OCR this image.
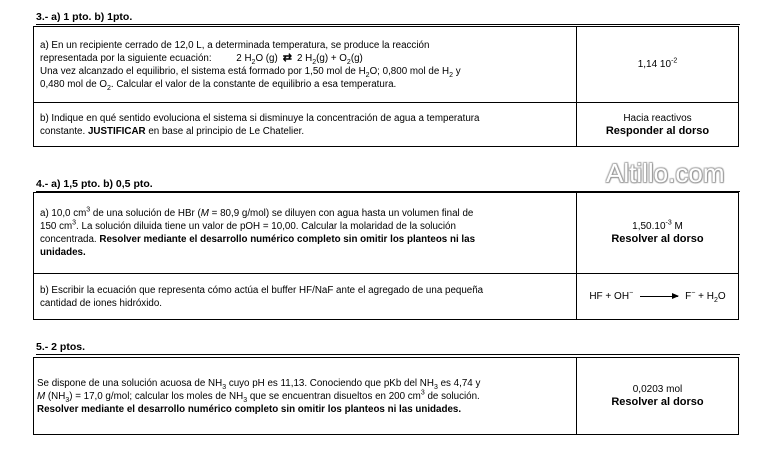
3.- a) 1 pto. b) 1pto.
a) En un recipiente cerrado de 12,0 L, a determinada temperatura, se produce la reacción
representada por la siguiente ecuación:	2 $H_2O$ (g) ⇄ 2 $H_2(g) + O_2(g)$
Una vez alcanzado el equilibrio, el sistema está formado por 1,50 mol de $H_2O$; 0,800 mol de $H_2$ y
0,480 mol de $O_2$. Calcular el valor de la constante de equilibrio a esa temperatura.
1,14 $10^{-2}$
b) Indique en qué sentido evoluciona el sistema si disminuye la concentración de agua a temperatura
constante. JUSTIFICAR en base al principio de Le Chatelier.
Hacia reactivos
Responder al dorso
Altillo.com
4.- a) 1,5 pto. b) 0,5 pto.
a) 10,0 $cm^3$ de una solución de HBr (M = 80,9 g/mol) se diluyen con agua hasta un volumen final de
150 $cm^3$. La solución diluida tiene un valor de pOH = 10,00. Calcular la molaridad de la solución
concentrada. Resolver mediante el desarrollo numérico completo sin omitir los planteos ni las
unidades.
$1,50.10^{-3}$ M
Resolver al dorso
b) Escribir la ecuación que representa cómo actúa el buffer HF/NaF ante el agregado de una pequeña
cantidad de iones hidróxido.
HF + $OH^- \to F^- + H_2O$
5.- 2 ptos.
Se dispone de una solución acuosa de $NH_3$ cuyo pH es 11,13. Conociendo que pKb del $NH_3$ es 4,74 y
M $(NH_3) = 17,0$ g/mol; calcular los moles de $NH_3$ que se encuentran disueltos en 200 $cm^3$ de solución.
Resolver mediante el desarrollo numérico completo sin omitir los planteos ni las unidades.
0,0203 mol
Resolver al dorso
